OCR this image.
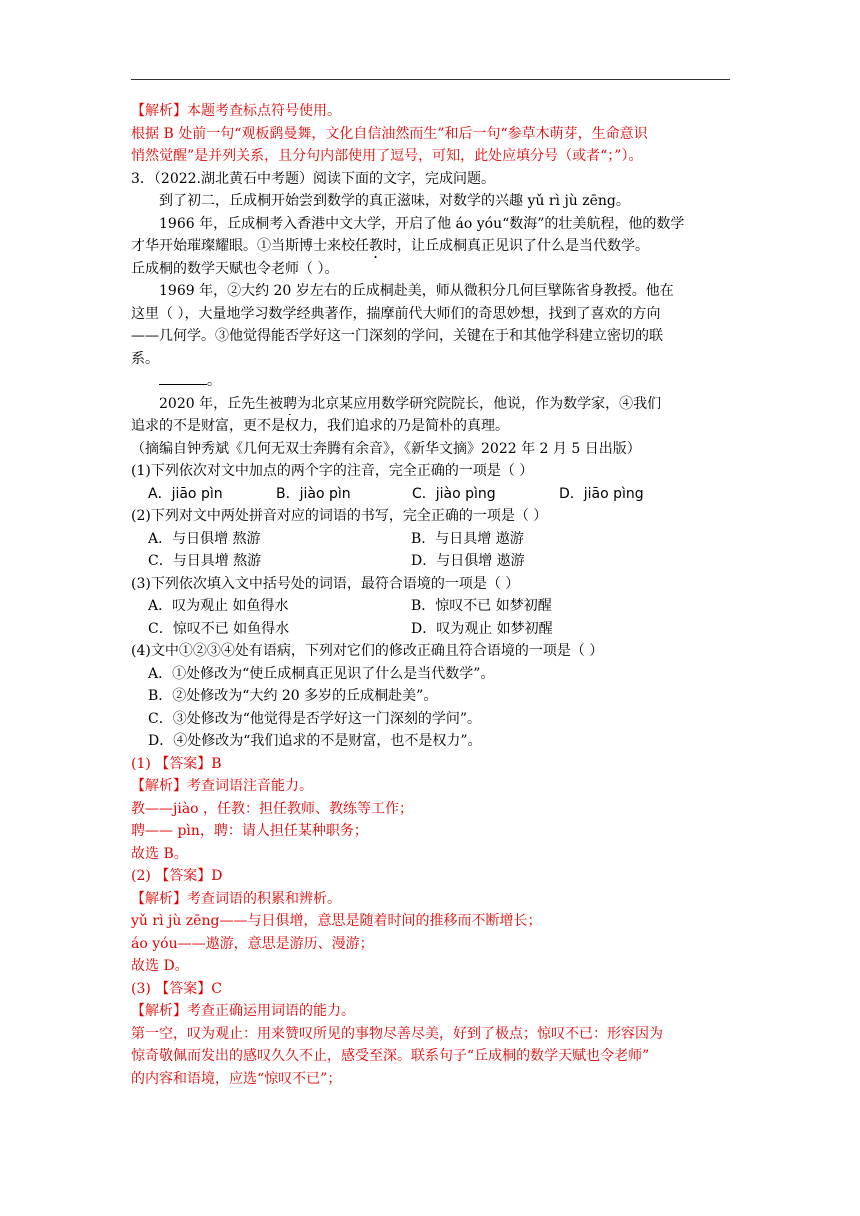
【解析】本题考查标点符号使用。
根据 B 处前一句“观板鹞曼舞，文化自信油然而生”和后一句“参草木萌芽，生命意识
悄然觉醒”是并列关系，且分句内部使用了逗号，可知，此处应填分号（或者“；”）。
3．（2022.湖北黄石中考题）阅读下面的文字，完成问题。
到了初二，丘成桐开始尝到数学的真正滋味，对数学的兴趣 yǔ rì jù zēng。
1966 年，丘成桐考入香港中文大学，开启了他 áo yóu“数海”的壮美航程，他的数学
才华开始璀璨耀眼。①当斯博士来校任教时，让丘成桐真正见识了什么是当代数学。
丘成桐的数学天赋也令老师（ ）。
1969 年，②大约 20 岁左右的丘成桐赴美，师从微积分几何巨擘陈省身教授。他在
这里（ ），大量地学习数学经典著作，揣摩前代大师们的奇思妙想，找到了喜欢的方向
——几何学。③他觉得能否学好这一门深刻的学问，关键在于和其他学科建立密切的联
系。
。
2020 年，丘先生被聘为北京某应用数学研究院院长，他说，作为数学家，④我们
追求的不是财富，更不是权力，我们追求的乃是简朴的真理。
（摘编自钟秀斌《几何无双士奔腾有余音》，《新华文摘》2022 年 2 月 5 日出版）
(1)下列依次对文中加点的两个字的注音，完全正确的一项是（ ）
A．jiāo pìn	B．jiào pìn	C．jiào pìng	D．jiāo pìng
(2)下列对文中两处拼音对应的词语的书写，完全正确的一项是（ ）
A．与日俱增 熬游	B．与日具增 遨游
C．与日具增 熬游	D．与日俱增 遨游
(3)下列依次填入文中括号处的词语，最符合语境的一项是（ ）
A．叹为观止 如鱼得水	B．惊叹不已 如梦初醒
C．惊叹不已 如鱼得水	D．叹为观止 如梦初醒
(4)文中①②③④处有语病，下列对它们的修改正确且符合语境的一项是（ ）
A．①处修改为“使丘成桐真正见识了什么是当代数学”。
B．②处修改为“大约 20 多岁的丘成桐赴美”。
C．③处修改为“他觉得是否学好这一门深刻的学问”。
D．④处修改为“我们追求的不是财富，也不是权力”。
(1) 【答案】B
【解析】考查词语注音能力。
教——jiào ，任教：担任教师、教练等工作；
聘—— pìn，聘：请人担任某种职务；
故选 B。
(2) 【答案】D
【解析】考查词语的积累和辨析。
yǔ rì jù zēng——与日俱增，意思是随着时间的推移而不断增长；
áo yóu——遨游，意思是游历、漫游；
故选 D。
(3) 【答案】C
【解析】考查正确运用词语的能力。
第一空，叹为观止：用来赞叹所见的事物尽善尽美，好到了极点；惊叹不已：形容因为
惊奇敬佩而发出的感叹久久不止，感受至深。联系句子“丘成桐的数学天赋也令老师”
的内容和语境，应选“惊叹不已”；
